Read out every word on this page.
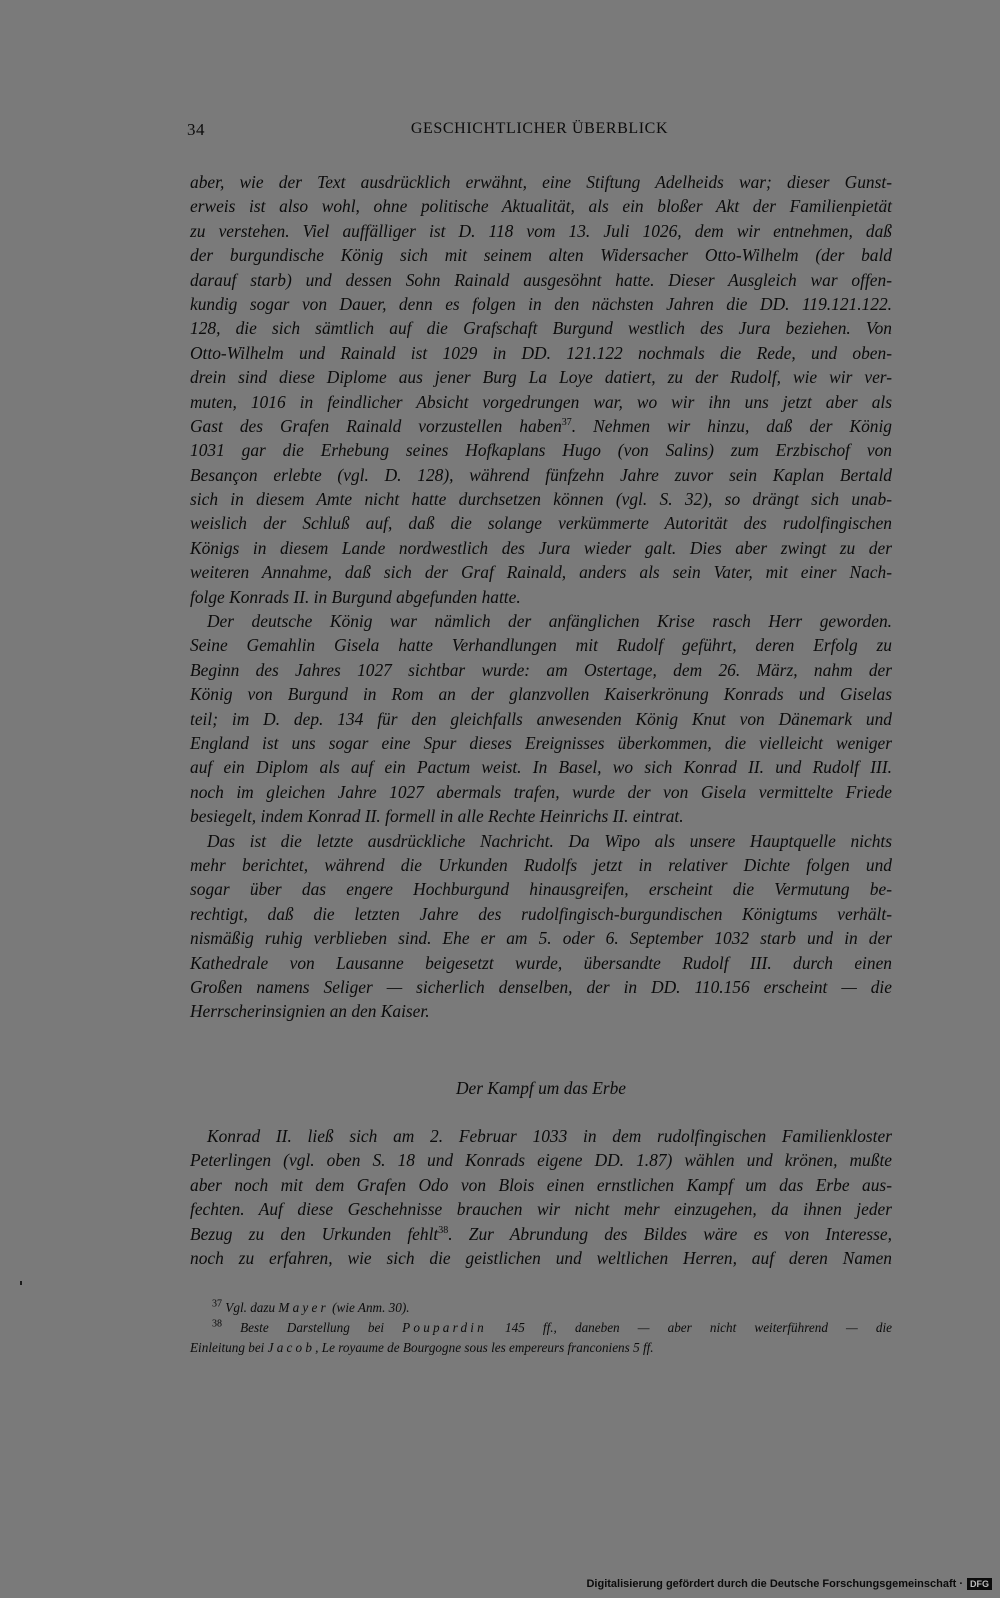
34	GESCHICHTLICHER ÜBERBLICK
aber, wie der Text ausdrücklich erwähnt, eine Stiftung Adelheids war; dieser Gunst-
erweis ist also wohl, ohne politische Aktualität, als ein bloßer Akt der Familienpietät
zu verstehen. Viel auffälliger ist D. 118 vom 13. Juli 1026, dem wir entnehmen, daß
der burgundische König sich mit seinem alten Widersacher Otto-Wilhelm (der bald
darauf starb) und dessen Sohn Rainald ausgesöhnt hatte. Dieser Ausgleich war offen-
kundig sogar von Dauer, denn es folgen in den nächsten Jahren die DD. 119.121.122.
128, die sich sämtlich auf die Grafschaft Burgund westlich des Jura beziehen. Von
Otto-Wilhelm und Rainald ist 1029 in DD. 121.122 nochmals die Rede, und oben-
drein sind diese Diplome aus jener Burg La Loye datiert, zu der Rudolf, wie wir ver-
muten, 1016 in feindlicher Absicht vorgedrungen war, wo wir ihn uns jetzt aber als
Gast des Grafen Rainald vorzustellen haben$^{37}$. Nehmen wir hinzu, daß der König
1031 gar die Erhebung seines Hofkaplans Hugo (von Salins) zum Erzbischof von
Besançon erlebte (vgl. D. 128), während fünfzehn Jahre zuvor sein Kaplan Bertald
sich in diesem Amte nicht hatte durchsetzen können (vgl. S. 32), so drängt sich unab-
weislich der Schluß auf, daß die solange verkümmerte Autorität des rudolfingischen
Königs in diesem Lande nordwestlich des Jura wieder galt. Dies aber zwingt zu der
weiteren Annahme, daß sich der Graf Rainald, anders als sein Vater, mit einer Nach-
folge Konrads II. in Burgund abgefunden hatte.
Der deutsche König war nämlich der anfänglichen Krise rasch Herr geworden.
Seine Gemahlin Gisela hatte Verhandlungen mit Rudolf geführt, deren Erfolg zu
Beginn des Jahres 1027 sichtbar wurde: am Ostertage, dem 26. März, nahm der
König von Burgund in Rom an der glanzvollen Kaiserkrönung Konrads und Giselas
teil; im D. dep. 134 für den gleichfalls anwesenden König Knut von Dänemark und
England ist uns sogar eine Spur dieses Ereignisses überkommen, die vielleicht weniger
auf ein Diplom als auf ein Pactum weist. In Basel, wo sich Konrad II. und Rudolf III.
noch im gleichen Jahre 1027 abermals trafen, wurde der von Gisela vermittelte Friede
besiegelt, indem Konrad II. formell in alle Rechte Heinrichs II. eintrat.
Das ist die letzte ausdrückliche Nachricht. Da Wipo als unsere Hauptquelle nichts
mehr berichtet, während die Urkunden Rudolfs jetzt in relativer Dichte folgen und
sogar über das engere Hochburgund hinausgreifen, erscheint die Vermutung be-
rechtigt, daß die letzten Jahre des rudolfingisch-burgundischen Königtums verhält-
nismäßig ruhig verblieben sind. Ehe er am 5. oder 6. September 1032 starb und in der
Kathedrale von Lausanne beigesetzt wurde, übersandte Rudolf III. durch einen
Großen namens Seliger — sicherlich denselben, der in DD. 110.156 erscheint — die
Herrscherinsignien an den Kaiser.
Der Kampf um das Erbe
Konrad II. ließ sich am 2. Februar 1033 in dem rudolfingischen Familienkloster
Peterlingen (vgl. oben S. 18 und Konrads eigene DD. 1.87) wählen und krönen, mußte
aber noch mit dem Grafen Odo von Blois einen ernstlichen Kampf um das Erbe aus-
fechten. Auf diese Geschehnisse brauchen wir nicht mehr einzugehen, da ihnen jeder
Bezug zu den Urkunden fehlt$^{38}$. Zur Abrundung des Bildes wäre es von Interesse,
noch zu erfahren, wie sich die geistlichen und weltlichen Herren, auf deren Namen
$^{37}$ Vgl. dazu Mayer (wie Anm. 30).
$^{38}$ Beste Darstellung bei Poupardin 145 ff., daneben — aber nicht weiterführend — die
Einleitung bei Jacob, Le royaume de Bourgogne sous les empereurs franconiens 5 ff.
Digitalisierung gefördert durch die Deutsche Forschungsgemeinschaft · DFG
